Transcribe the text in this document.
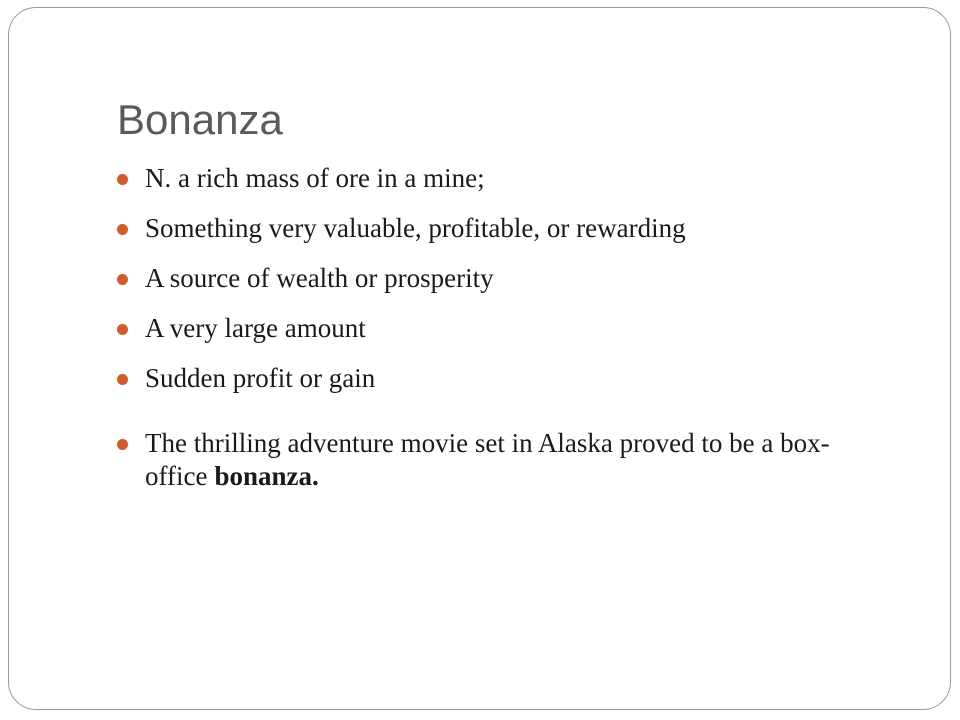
Bonanza
N. a rich mass of ore in a mine;
Something very valuable, profitable, or rewarding
A source of wealth or prosperity
A very large amount
Sudden profit or gain
The thrilling adventure movie set in Alaska proved to be a box-office bonanza.
